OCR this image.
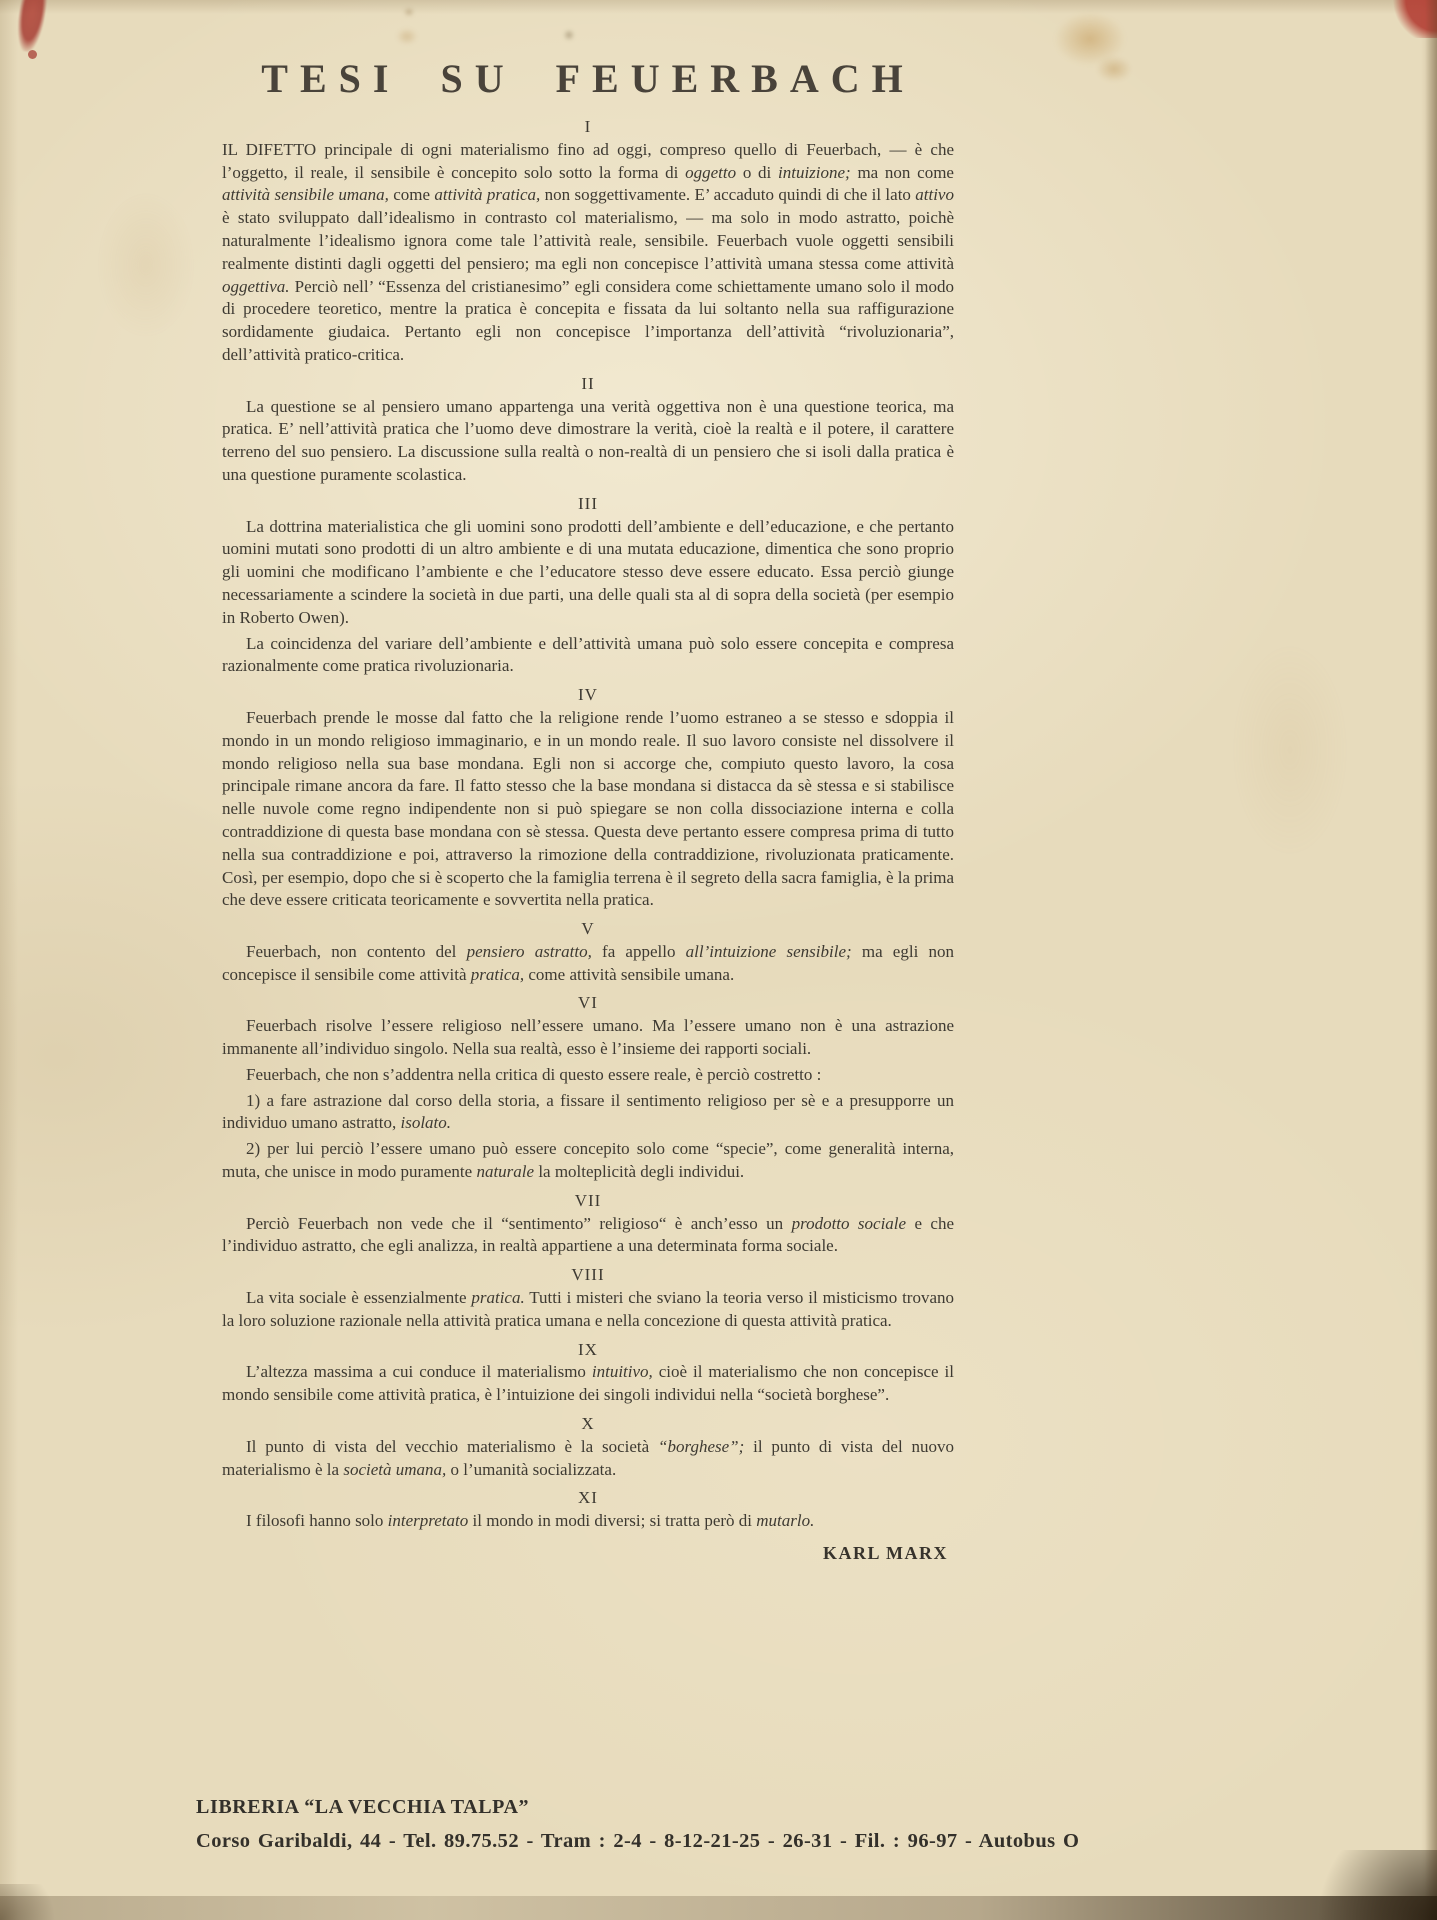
TESI SU FEUERBACH
I

IL DIFETTO principale di ogni materialismo fino ad oggi, compreso quello di Feuerbach, — è che l’oggetto, il reale, il sensibile è concepito solo sotto la forma di oggetto o di intuizione; ma non come attività sensibile umana, come attività pratica, non soggettivamente. E’ accaduto quindi di che il lato attivo è stato sviluppato dall’idealismo in contrasto col materialismo, — ma solo in modo astratto, poichè naturalmente l’idealismo ignora come tale l’attività reale, sensibile. Feuerbach vuole oggetti sensibili realmente distinti dagli oggetti del pensiero; ma egli non concepisce l’attività umana stessa come attività oggettiva. Perciò nell’ “Essenza del cristianesimo” egli considera come schiettamente umano solo il modo di procedere teoretico, mentre la pratica è concepita e fissata da lui soltanto nella sua raffigurazione sordidamente giudaica. Pertanto egli non concepisce l’importanza dell’attività “rivoluzionaria”, dell’attività pratico-critica.

II

La questione se al pensiero umano appartenga una verità oggettiva non è una questione teorica, ma pratica. E’ nell’attività pratica che l’uomo deve dimostrare la verità, cioè la realtà e il potere, il carattere terreno del suo pensiero. La discussione sulla realtà o non-realtà di un pensiero che si isoli dalla pratica è una questione puramente scolastica.

III

La dottrina materialistica che gli uomini sono prodotti dell’ambiente e dell’educazione, e che pertanto uomini mutati sono prodotti di un altro ambiente e di una mutata educazione, dimentica che sono proprio gli uomini che modificano l’ambiente e che l’educatore stesso deve essere educato. Essa perciò giunge necessariamente a scindere la società in due parti, una delle quali sta al di sopra della società (per esempio in Roberto Owen).

La coincidenza del variare dell’ambiente e dell’attività umana può solo essere concepita e compresa razionalmente come pratica rivoluzionaria.

IV

Feuerbach prende le mosse dal fatto che la religione rende l’uomo estraneo a se stesso e sdoppia il mondo in un mondo religioso immaginario, e in un mondo reale. Il suo lavoro consiste nel dissolvere il mondo religioso nella sua base mondana. Egli non si accorge che, compiuto questo lavoro, la cosa principale rimane ancora da fare. Il fatto stesso che la base mondana si distacca da sè stessa e si stabilisce nelle nuvole come regno indipendente non si può spiegare se non colla dissociazione interna e colla contraddizione di questa base mondana con sè stessa. Questa deve pertanto essere compresa prima di tutto nella sua contraddizione e poi, attraverso la rimozione della contraddizione, rivoluzionata praticamente. Così, per esempio, dopo che si è scoperto che la famiglia terrena è il segreto della sacra famiglia, è la prima che deve essere criticata teoricamente e sovvertita nella pratica.

V

Feuerbach, non contento del pensiero astratto, fa appello all’intuizione sensibile; ma egli non concepisce il sensibile come attività pratica, come attività sensibile umana.

VI

Feuerbach risolve l’essere religioso nell’essere umano. Ma l’essere umano non è una astrazione immanente all’individuo singolo. Nella sua realtà, esso è l’insieme dei rapporti sociali.

Feuerbach, che non s’addentra nella critica di questo essere reale, è perciò costretto :

1) a fare astrazione dal corso della storia, a fissare il sentimento religioso per sè e a presupporre un individuo umano astratto, isolato.

2) per lui perciò l’essere umano può essere concepito solo come “specie”, come generalità interna, muta, che unisce in modo puramente naturale la molteplicità degli individui.

VII

Perciò Feuerbach non vede che il “sentimento” religioso“ è anch’esso un prodotto sociale e che l’individuo astratto, che egli analizza, in realtà appartiene a una determinata forma sociale.

VIII

La vita sociale è essenzialmente pratica. Tutti i misteri che sviano la teoria verso il misticismo trovano la loro soluzione razionale nella attività pratica umana e nella concezione di questa attività pratica.

IX

L’altezza massima a cui conduce il materialismo intuitivo, cioè il materialismo che non concepisce il mondo sensibile come attività pratica, è l’intuizione dei singoli individui nella “società borghese”.

X

Il punto di vista del vecchio materialismo è la società “borghese”; il punto di vista del nuovo materialismo è la società umana, o l’umanità socializzata.

XI

I filosofi hanno solo interpretato il mondo in modi diversi; si tratta però di mutarlo.

KARL MARX
LIBRERIA “LA VECCHIA TALPA”
Corso Garibaldi, 44 - Tel. 89.75.52 - Tram : 2-4 - 8-12-21-25 - 26-31 - Fil. : 96-97 - Autobus O
